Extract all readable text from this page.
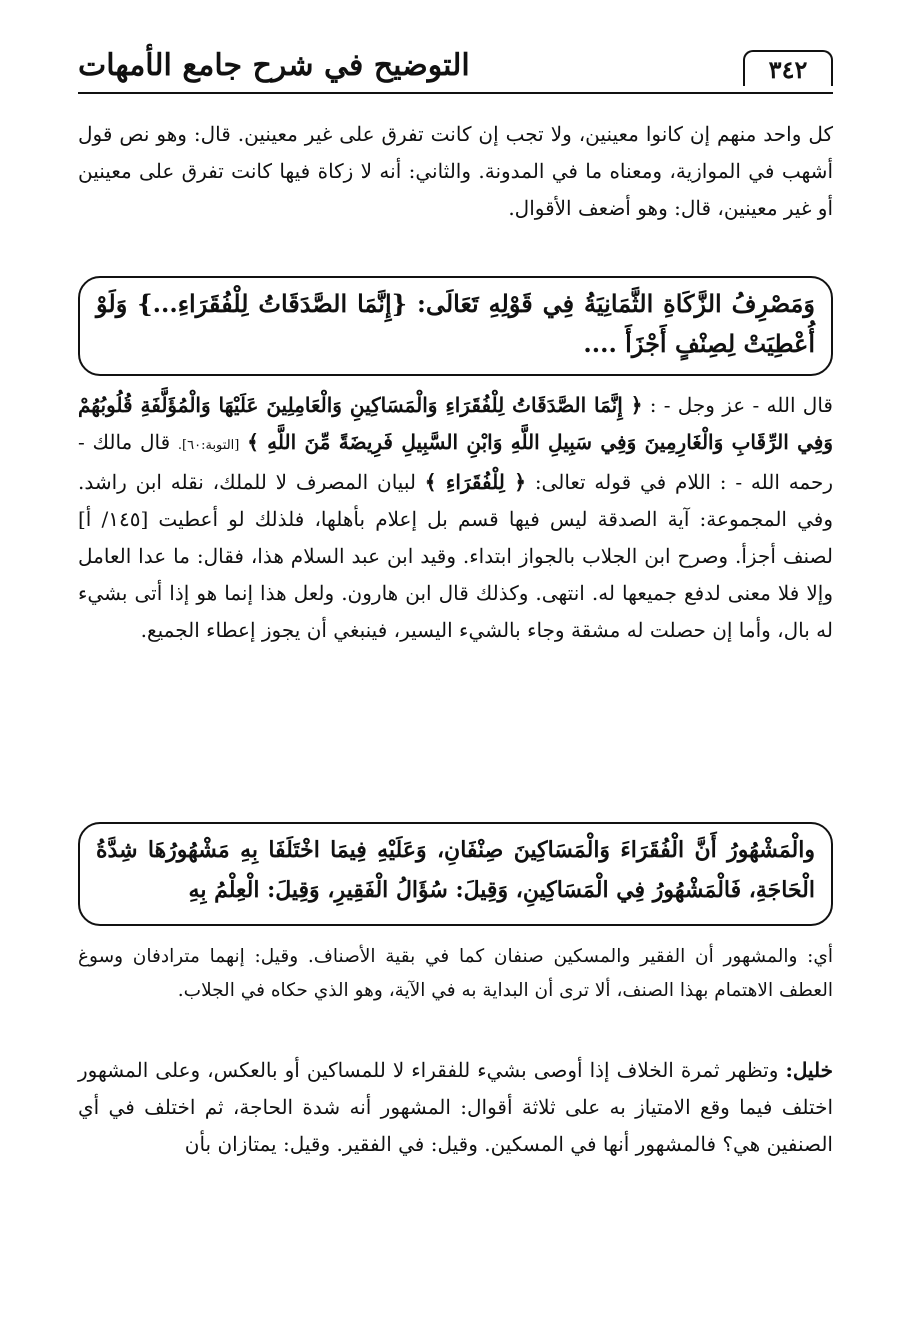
٣٤٢
التوضيح في شرح جامع الأمهات
كل واحد منهم إن كانوا معينين، ولا تجب إن كانت تفرق على غير معينين. قال: وهو نص قول أشهب في الموازية، ومعناه ما في المدونة. والثاني: أنه لا زكاة فيها كانت تفرق على معينين أو غير معينين، قال: وهو أضعف الأقوال.
وَمَصْرِفُ الزَّكَاةِ الثَّمَانِيَةُ فِي قَوْلِهِ تَعَالَى: {إِنَّمَا الصَّدَقَاتُ لِلْفُقَرَاءِ...} وَلَوْ أُعْطِيَتْ لِصِنْفٍ أَجْزَأَ ....
قال الله - عز وجل - : ﴿ إِنَّمَا الصَّدَقَاتُ لِلْفُقَرَاءِ وَالْمَسَاكِينِ وَالْعَامِلِينَ عَلَيْهَا وَالْمُؤَلَّفَةِ قُلُوبُهُمْ وَفِي الرِّقَابِ وَالْغَارِمِينَ وَفِي سَبِيلِ اللَّهِ وَابْنِ السَّبِيلِ فَرِيضَةً مِّنَ اللَّهِ ﴾ [التوبة:٦٠]. قال مالك - رحمه الله - : اللام في قوله تعالى: ﴿ لِلْفُقَرَاءِ ﴾ لبيان المصرف لا للملك، نقله ابن راشد. وفي المجموعة: آية الصدقة ليس فيها قسم بل إعلام بأهلها، فلذلك لو أعطيت [١٤٥/ أ] لصنف أجزأ. وصرح ابن الجلاب بالجواز ابتداء. وقيد ابن عبد السلام هذا، فقال: ما عدا العامل وإلا فلا معنى لدفع جميعها له. انتهى. وكذلك قال ابن هارون. ولعل هذا إنما هو إذا أتى بشيء له بال، وأما إن حصلت له مشقة وجاء بالشيء اليسير، فينبغي أن يجوز إعطاء الجميع.
والْمَشْهُورُ أَنَّ الْفُقَرَاءَ وَالْمَسَاكِينَ صِنْفَانِ، وَعَلَيْهِ فِيمَا اخْتَلَفَا بِهِ مَشْهُورُهَا شِدَّةُ الْحَاجَةِ، فَالْمَشْهُورُ فِي الْمَسَاكِينِ، وَقِيلَ: سُؤَالُ الْفَقِيرِ، وَقِيلَ: الْعِلْمُ بِهِ
أي: والمشهور أن الفقير والمسكين صنفان كما في بقية الأصناف. وقيل: إنهما مترادفان وسوغ العطف الاهتمام بهذا الصنف، ألا ترى أن البداية به في الآية، وهو الذي حكاه في الجلاب.
خليل: وتظهر ثمرة الخلاف إذا أوصى بشيء للفقراء لا للمساكين أو بالعكس، وعلى المشهور اختلف فيما وقع الامتياز به على ثلاثة أقوال: المشهور أنه شدة الحاجة، ثم اختلف في أي الصنفين هي؟ فالمشهور أنها في المسكين. وقيل: في الفقير. وقيل: يمتازان بأن
